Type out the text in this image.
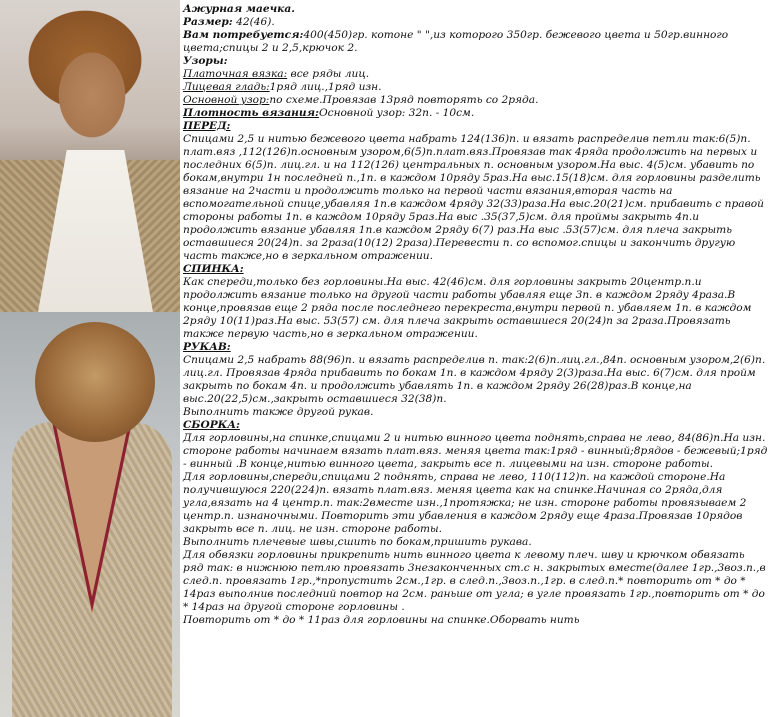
Ажурная маечка.

Размер: 42(46).

Вам потребуется:400(450)гр. котоне " ",из которого 350гр. бежевого цвета и 50гр.винного цвета;спицы 2 и 2,5,крючок 2.

Узоры:

Платочная вязка: все ряды лиц.

Лицевая гладь:1ряд лиц.,1ряд изн.

Основной узор:по схеме.Провязав 13ряд повторять со 2ряда.

Плотность вязания:Основной узор: 32п. - 10см.

ПЕРЕД:

Спицами 2,5 и нитью бежевого цвета набрать 124(136)п. и вязать распределив петли так:6(5)п. плат.вяз ,112(126)п.основным узором,6(5)п.плат.вяз.Провязав так 4ряда продолжить на первых и последних 6(5)п. лиц.гл. и на 112(126) центральных п. основным узором.На выс. 4(5)см. убавить по бокам,внутри 1н последней п.,1п. в каждом 10ряду 5раз.На выс.15(18)см. для горловины разделить вязание на 2части и продолжить только на первой части вязания,вторая часть на вспомогательной спице,убавляя 1п.в каждом 4ряду 32(33)раза.На выс.20(21)см. прибавить с правой стороны работы 1п. в каждом 10ряду 5раз.На выс .35(37,5)см. для проймы закрыть 4п.и продолжить вязание убавляя 1п.в каждом 2ряду 6(7) раз.На выс .53(57)см. для плеча закрыть оставшиеся 20(24)п. за 2раза(10(12) 2раза).Перевести п. со вспомог.спицы и закончить другую часть также,но в зеркальном отражении.

СПИНКА:

Как спереди,только без горловины.На выс. 42(46)см. для горловины закрыть 20центр.п.и продолжить вязание только на другой части работы убавляя еще 3п. в каждом 2ряду 4раза.В конце,провязав еще 2 ряда после последнего перекреста,внутри первой п. убавляем 1п. в каждом 2ряду 10(11)раз.На выс. 53(57) см. для плеча закрыть оставшиеся 20(24)п за 2раза.Провязать также первую часть,но в зеркальном отражении.

РУКАВ:

Спицами 2,5 набрать 88(96)п. и вязать распределив п. так:2(6)п.лиц.гл.,84п. основным узором,2(6)п. лиц.гл. Провязав 4ряда прибавить по бокам 1п. в каждом 4ряду 2(3)раза.На выс. 6(7)см. для пройм закрыть по бокам 4п. и продолжить убавлять 1п. в каждом 2ряду 26(28)раз.В конце,на выс.20(22,5)см.,закрыть оставшиеся 32(38)п.

Выполнить также другой рукав.

СБОРКА:

Для горловины,на спинке,спицами 2 и нитью винного цвета поднять,справа не лево, 84(86)п.На изн. стороне работы начинаем вязать плат.вяз. меняя цвета так:1ряд - винный;8рядов - бежевый;1ряд - винный .В конце,нитью винного цвета, закрыть все п. лицевыми на изн. стороне работы.

Для горловины,спереди,спицами 2 поднять, справа не лево, 110(112)п. на каждой стороне.На получившуюся 220(224)п. вязать плат.вяз. меняя цвета как на спинке.Начиная со 2ряда,для угла,вязать на 4 центр.п. так:2вместе изн.,1протяжка; не изн. стороне работы провязываем 2 центр.п. изнаночными. Повторить эти убавления в каждом 2ряду еще 4раза.Провязав 10рядов закрыть все п. лиц. не изн. стороне работы.

Выполнить плечевые швы,сшить по бокам,пришить рукава.

Для обвязки горловины прикрепить нить винного цвета к левому плеч. шву и крючком обвязать ряд так: в нижнюю петлю провязать 3незаконченных ст.с н. закрытых вместе(далее 1гр.,3воз.п.,в след.п. провязать 1гр.,*пропустить 2см.,1гр. в след.п.,3воз.п.,1гр. в след.п.* повторить от * до * 14раз выполнив последний повтор на 2см. раньше от угла; в угле провязать 1гр.,повторить от * до * 14раз на другой стороне горловины .

Повторить от * до * 11раз для горловины на спинке.Оборвать нить
